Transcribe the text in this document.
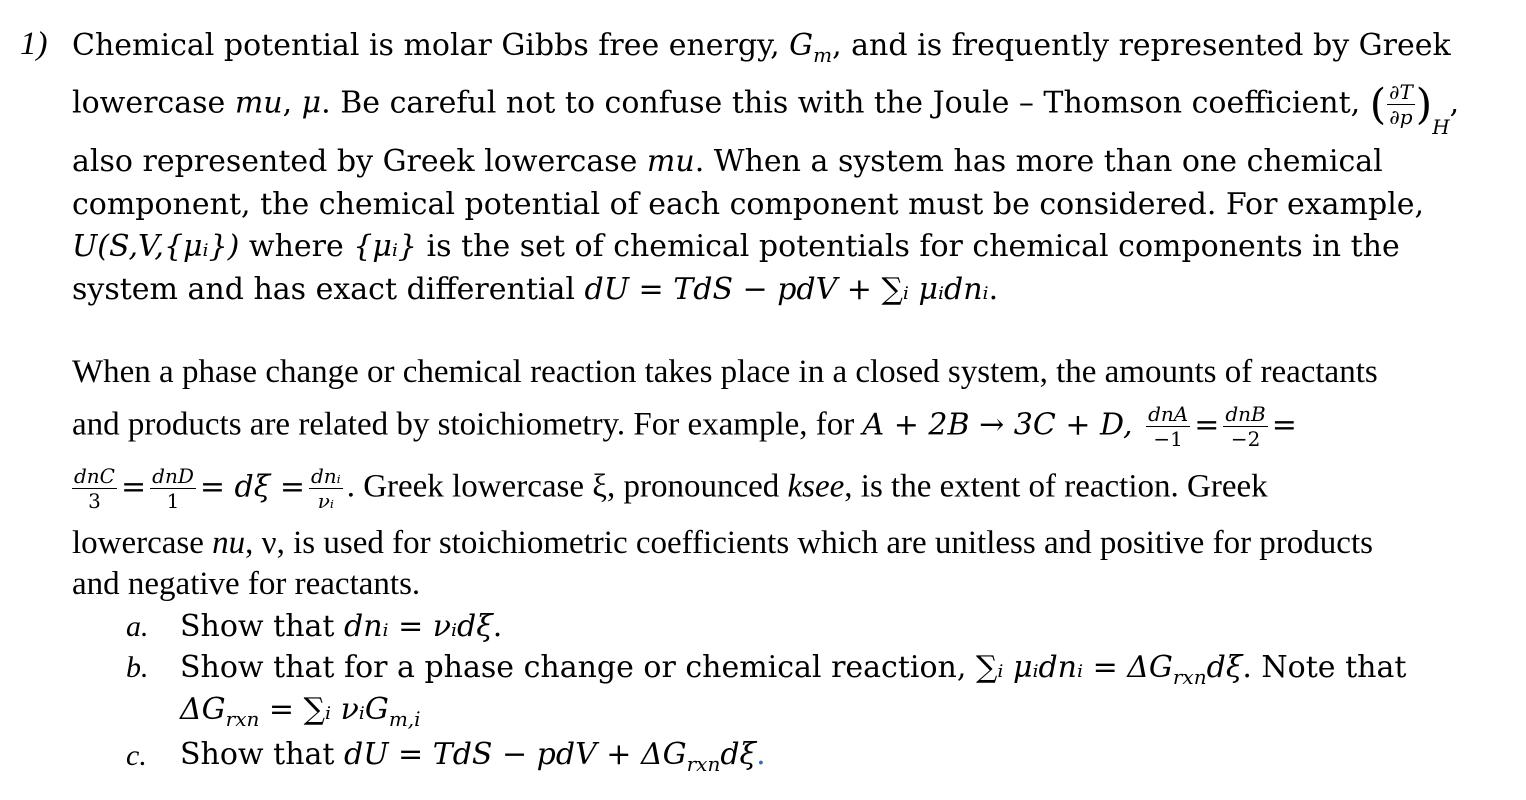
1) Chemical potential is molar Gibbs free energy, $G_m$, and is frequently represented by Greek
lowercase mu, μ. Be careful not to confuse this with the Joule – Thomson coefficient, ( $\frac{\partial T}{\partial p} )_H$,
also represented by Greek lowercase mu. When a system has more than one chemical
component, the chemical potential of each component must be considered. For example,
U(S,V,{μᵢ}) where {μᵢ} is the set of chemical potentials for chemical components in the
system and has exact differential dU = TdS − pdV + ∑ᵢ μᵢdnᵢ.
When a phase change or chemical reaction takes place in a closed system, the amounts of reactants
and products are related by stoichiometry. For example, for A + 2B → 3C + D, $\frac{\text{dnA}}{-1} = \frac{\text{dnB}}{-2}$ =
$\frac{\text{dnC}}{3} = \frac{\text{dnD}}{1} = d\xi = \frac{\text{dnᵢ}}{\text{νᵢ}}$ . Greek lowercase ξ, pronounced ksee, is the extent of reaction. Greek
lowercase nu, ν, is used for stoichiometric coefficients which are unitless and positive for products
and negative for reactants.
a. Show that dnᵢ = νᵢdξ.
b. Show that for a phase change or chemical reaction, ∑ᵢ μᵢdnᵢ = $\Delta G_{rxn}d\xi$. Note that
$\Delta G_{rxn}$ = ∑ᵢ νᵢG$_{m,i}$
c. Show that dU = TdS − pdV + $\Delta G_{rxn}d\xi$.
